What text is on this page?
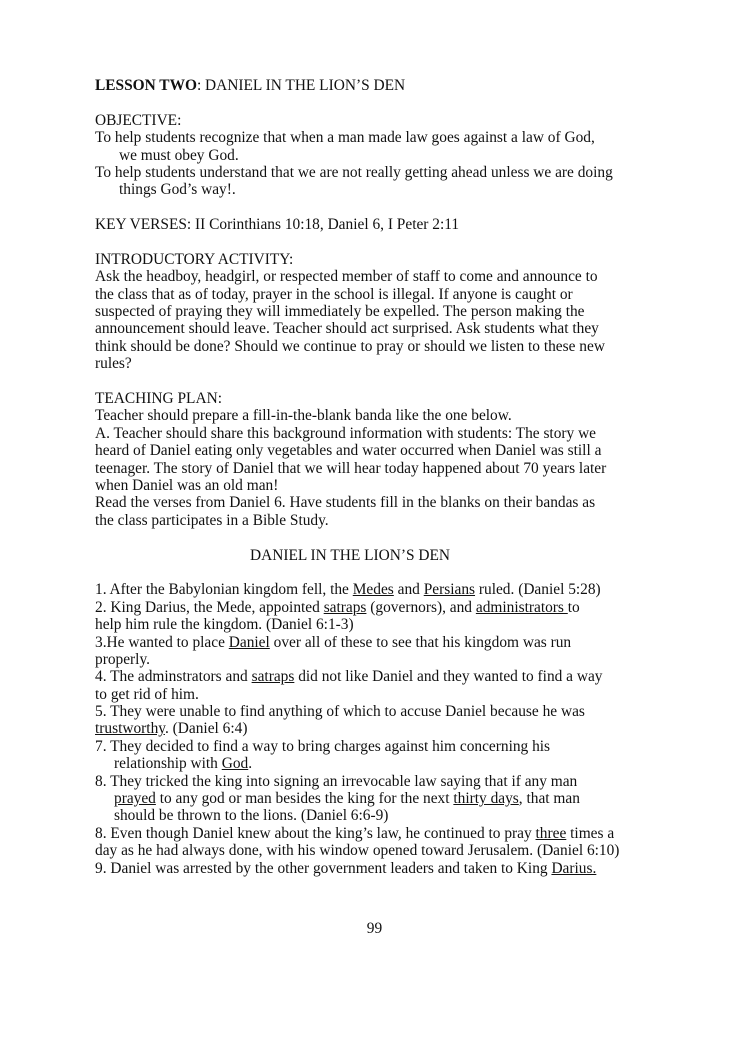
LESSON TWO: DANIEL IN THE LION’S DEN
OBJECTIVE:
To help students recognize that when a man made law goes against a law of God,
we must obey God.
To help students understand that we are not really getting ahead unless we are doing
things God’s way!.
KEY VERSES: II Corinthians 10:18, Daniel 6, I Peter 2:11
INTRODUCTORY ACTIVITY:
Ask the headboy, headgirl, or respected member of staff to come and announce to
the class that as of today, prayer in the school is illegal. If anyone is caught or
suspected of praying they will immediately be expelled. The person making the
announcement should leave. Teacher should act surprised. Ask students what they
think should be done? Should we continue to pray or should we listen to these new
rules?
TEACHING PLAN:
Teacher should prepare a fill-in-the-blank banda like the one below.
A. Teacher should share this background information with students: The story we
heard of Daniel eating only vegetables and water occurred when Daniel was still a
teenager. The story of Daniel that we will hear today happened about 70 years later
when Daniel was an old man!
Read the verses from Daniel 6. Have students fill in the blanks on their bandas as
the class participates in a Bible Study.
DANIEL IN THE LION’S DEN
1. After the Babylonian kingdom fell, the Medes and Persians ruled. (Daniel 5:28)
2. King Darius, the Mede, appointed satraps (governors), and administrators to
help him rule the kingdom. (Daniel 6:1-3)
3.He wanted to place Daniel over all of these to see that his kingdom was run
properly.
4. The adminstrators and satraps did not like Daniel and they wanted to find a way
to get rid of him.
5. They were unable to find anything of which to accuse Daniel because he was
trustworthy. (Daniel 6:4)
7. They decided to find a way to bring charges against him concerning his
relationship with God.
8. They tricked the king into signing an irrevocable law saying that if any man
prayed to any god or man besides the king for the next thirty days, that man
should be thrown to the lions. (Daniel 6:6-9)
8. Even though Daniel knew about the king’s law, he continued to pray three times a
day as he had always done, with his window opened toward Jerusalem. (Daniel 6:10)
9. Daniel was arrested by the other government leaders and taken to King Darius.
99
